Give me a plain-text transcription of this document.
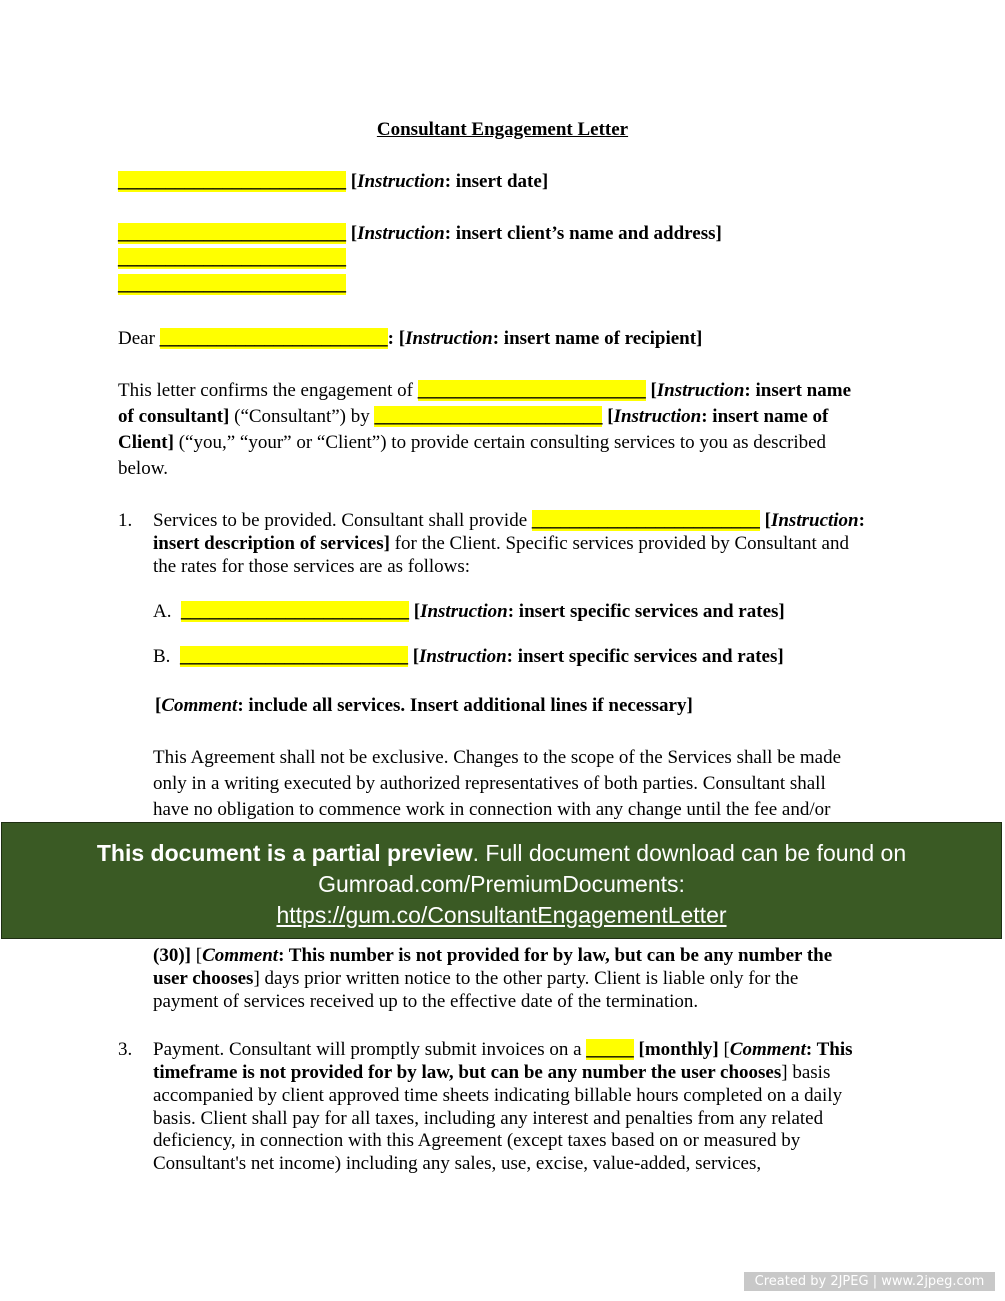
Consultant Engagement Letter
________________________ [Instruction: insert date]
________________________ [Instruction: insert client’s name and address]
________________________
________________________
Dear ________________________: [Instruction: insert name of recipient]
This letter confirms the engagement of ________________________ [Instruction: insert name
of consultant] (“Consultant”) by ________________________ [Instruction: insert name of
Client] (“you,” “your” or “Client”) to provide certain consulting services to you as described
below.
1. Services to be provided. Consultant shall provide ________________________ [Instruction:
insert description of services] for the Client. Specific services provided by Consultant and
the rates for those services are as follows:
A. ________________________ [Instruction: insert specific services and rates]
B. ________________________ [Instruction: insert specific services and rates]
[Comment: include all services. Insert additional lines if necessary]
This Agreement shall not be exclusive. Changes to the scope of the Services shall be made
only in a writing executed by authorized representatives of both parties. Consultant shall
have no obligation to commence work in connection with any change until the fee and/or
(30)] [Comment: This number is not provided for by law, but can be any number the
user chooses] days prior written notice to the other party. Client is liable only for the
payment of services received up to the effective date of the termination.
3. Payment. Consultant will promptly submit invoices on a _____ [monthly] [Comment: This
timeframe is not provided for by law, but can be any number the user chooses] basis
accompanied by client approved time sheets indicating billable hours completed on a daily
basis. Client shall pay for all taxes, including any interest and penalties from any related
deficiency, in connection with this Agreement (except taxes based on or measured by
Consultant's net income) including any sales, use, excise, value-added, services,
This document is a partial preview. Full document download can be found on
Gumroad.com/PremiumDocuments:
https://gum.co/ConsultantEngagementLetter
Created by 2JPEG | www.2jpeg.com
